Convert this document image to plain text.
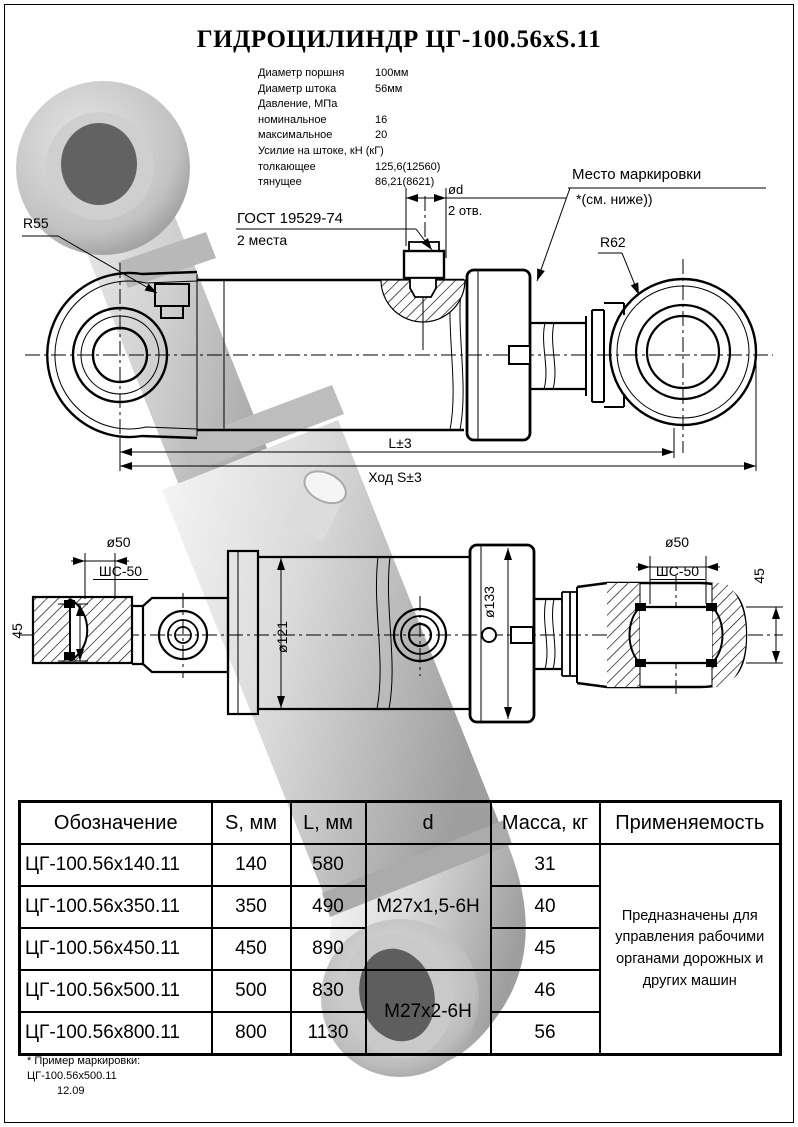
ГИДРОЦИЛИНДР ЦГ-100.56xS.11
Диаметр поршня	100мм
Диаметр штока	56мм
Давление, МПа
номинальное	16
максимальное	20
Усилие на штоке, кН (кГ)
толкающее	125,6(12560)
тянущее	86,21(8621)
ГОСТ 19529-74
2 места
Место маркировки
*(см. ниже))
ød
2 отв.
R55
R62
L±3
Ход S±3
ø50
ШС-50
45	ø121
ø133
ø50
ШС-50	45
Обозначение	S, мм	L, мм	d	Масса, кг	Применяемость
ЦГ-100.56x140.11	140	580	М27x1,5-6Н	31	Предназначены для управления рабочими органами дорожных и других машин
ЦГ-100.56x350.11	350	490		40	
ЦГ-100.56x450.11	450	890		45	
ЦГ-100.56x500.11	500	830	М27x2-6Н	46	
ЦГ-100.56x800.11	800	1130		56	
* Пример маркировки:
ЦГ-100.56x500.11
12.09
